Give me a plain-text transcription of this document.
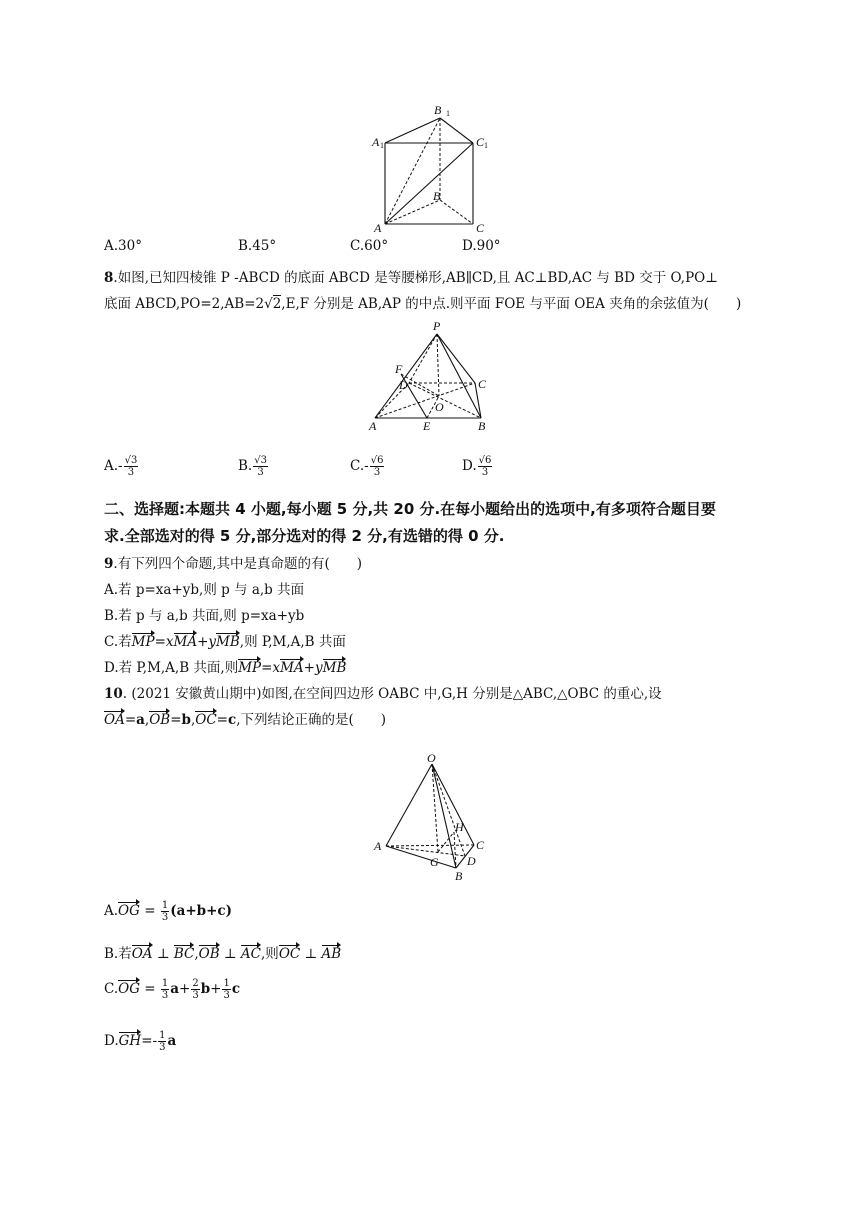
B 1
A 1	C 1
B
A	C
A.30°	B.45°	C.60°	D.90°
8.如图,已知四棱锥 P -ABCD 的底面 ABCD 是等腰梯形,AB∥CD,且 AC⊥BD,AC 与 BD 交于 O,PO⊥
底面 ABCD,PO=2,AB=2√2,E,F 分别是 AB,AP 的中点.则平面 FOE 与平面 OEA 夹角的余弦值为(　　)
P
F
D	C
O
A	E	B
$A.- \frac{√3}{3}$	B. $\frac{√3}{3}$	$C.- \frac{√6}{3}$	D. $\frac{√6}{3}$
二、选择题:本题共 4 小题,每小题 5 分,共 20 分.在每小题给出的选项中,有多项符合题目要
求.全部选对的得 5 分,部分选对的得 2 分,有选错的得 0 分.
9.有下列四个命题,其中是真命题的有(　　)
A.若 p=xa+yb,则 p 与 a,b 共面
B.若 p 与 a,b 共面,则 p=xa+yb
C.若MP=xMA+yMB,则 P,M,A,B 共面
D.若 P,M,A,B 共面,则MP=xMA+yMB
10. (2021 安徽黄山期中)如图,在空间四边形 OABC 中,G,H 分别是△ABC,△OBC 的重心,设
OA=a,OB=b,OC=c,下列结论正确的是(　　)
O
A
H
C
G D
B
$A.OG = \frac{1}{3} (a+b+c)$
B.若OA ⊥ BC,OB ⊥ AC,则OC ⊥ AB
$C.OG = \frac{1}{3} a+ \frac{2}{3} b+ \frac{1}{3}$ c
$D.GH=- \frac{1}{3}$ a
